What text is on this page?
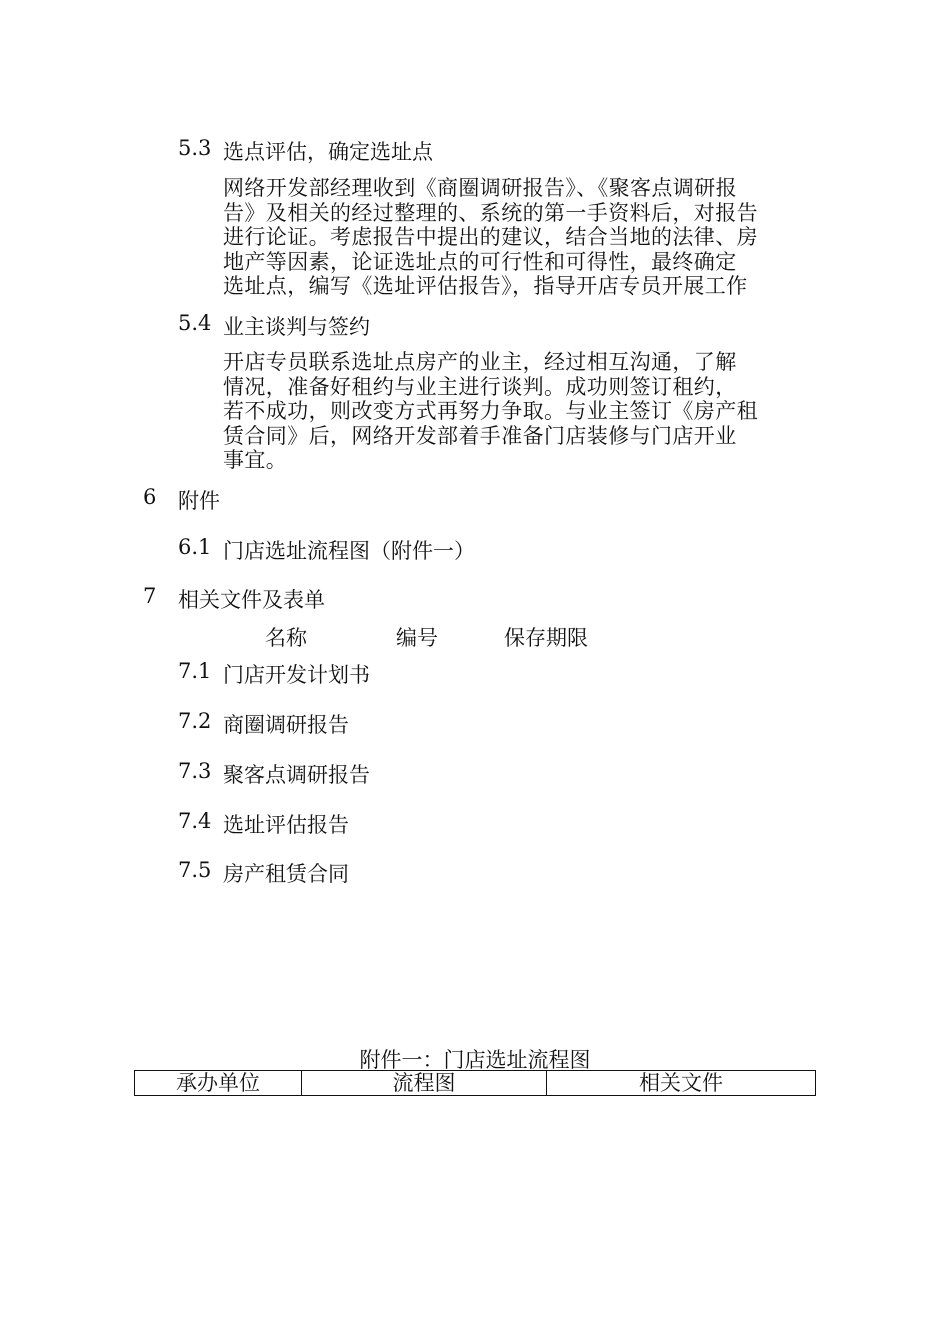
5.3 选点评估，确定选址点
网络开发部经理收到《商圈调研报告》、《聚客点调研报
告》及相关的经过整理的、系统的第一手资料后，对报告
进行论证。考虑报告中提出的建议，结合当地的法律、房
地产等因素，论证选址点的可行性和可得性，最终确定
选址点，编写《选址评估报告》，指导开店专员开展工作
5.4 业主谈判与签约
开店专员联系选址点房产的业主，经过相互沟通，了解
情况，准备好租约与业主进行谈判。成功则签订租约，
若不成功，则改变方式再努力争取。与业主签订《房产租
赁合同》后，网络开发部着手准备门店装修与门店开业
事宜。
6 附件
6.1 门店选址流程图（附件一）
7 相关文件及表单
名称	编号	保存期限
7.1 门店开发计划书
7.2 商圈调研报告
7.3 聚客点调研报告
7.4 选址评估报告
7.5 房产租赁合同
附件一：门店选址流程图
承办单位	流程图	相关文件
